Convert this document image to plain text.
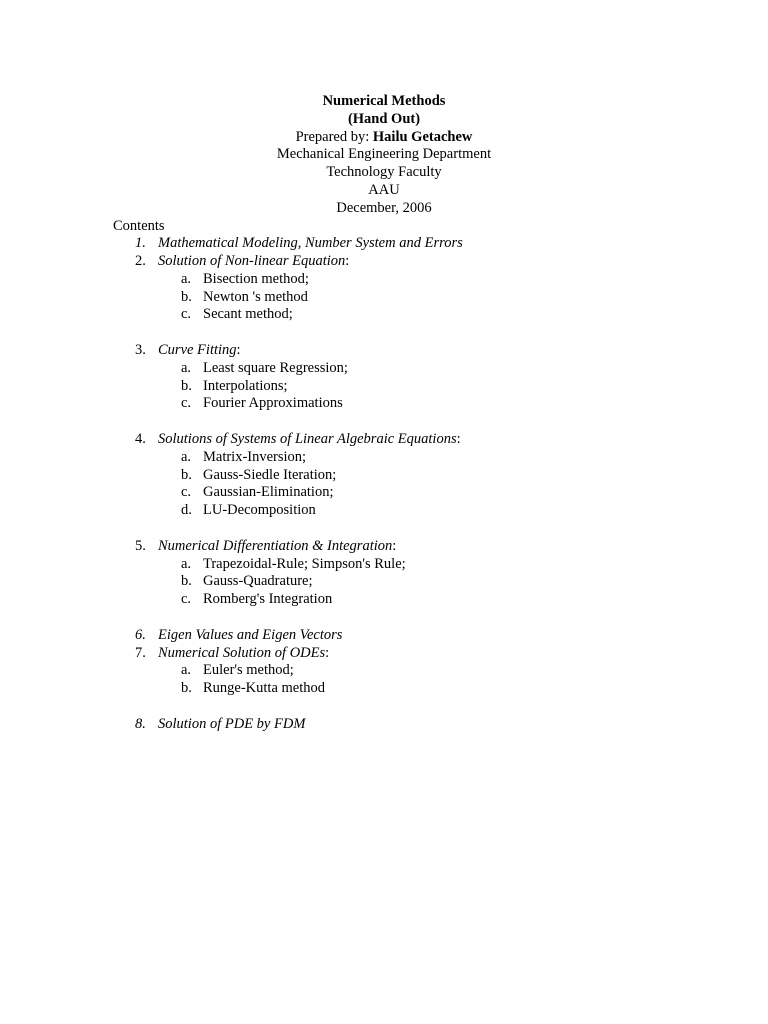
Numerical Methods
(Hand Out)
Prepared by: Hailu Getachew
Mechanical Engineering Department
Technology Faculty
AAU
December, 2006
Contents
1. Mathematical Modeling, Number System and Errors
2. Solution of Non-linear Equation:
a. Bisection method;
b. Newton 's method
c. Secant method;
3. Curve Fitting:
a. Least square Regression;
b. Interpolations;
c. Fourier Approximations
4. Solutions of Systems of Linear Algebraic Equations:
a. Matrix-Inversion;
b. Gauss-Siedle Iteration;
c. Gaussian-Elimination;
d. LU-Decomposition
5. Numerical Differentiation & Integration:
a. Trapezoidal-Rule; Simpson's Rule;
b. Gauss-Quadrature;
c. Romberg's Integration
6. Eigen Values and Eigen Vectors
7. Numerical Solution of ODEs:
a. Euler's method;
b. Runge-Kutta method
8. Solution of PDE by FDM
